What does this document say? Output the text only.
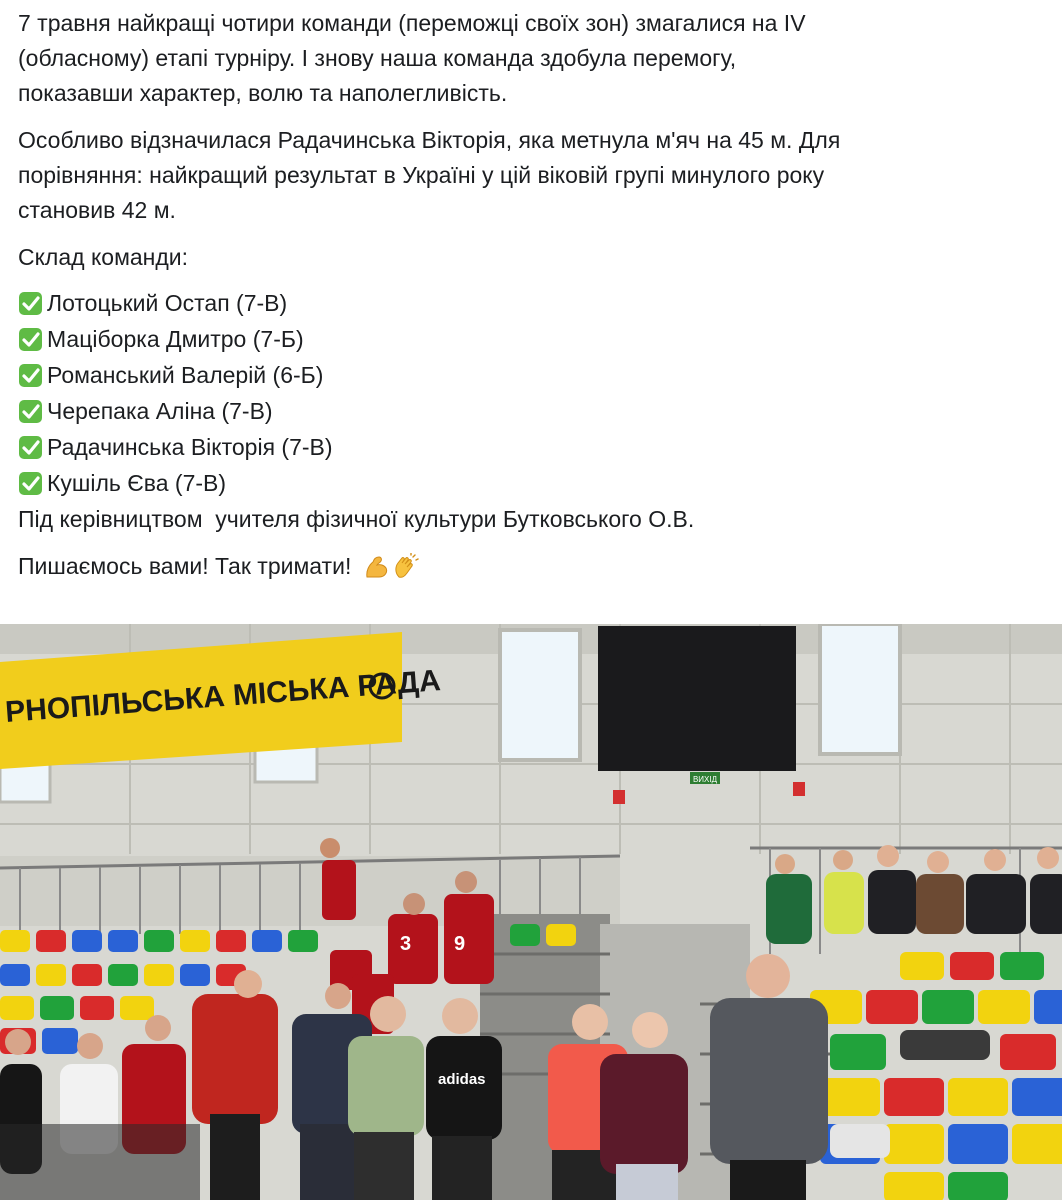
7 травня найкращі чотири команди (переможці своїх зон) змагалися на IV
(обласному) етапі турніру. І знову наша команда здобула перемогу,
показавши характер, волю та наполегливість.

Особливо відзначилася Радачинська Вікторія, яка метнула м'яч на 45 м. Для
порівняння: найкращий результат в Україні у цій віковій групі минулого року
становив 42 м.

Склад команди:

Лотоцький Остап (7-В)
Маціборка Дмитро (7-Б)
Романський Валерій (6-Б)
Черепака Аліна (7-В)
Радачинська Вікторія (7-В)
Кушіль Єва (7-В)
Під керівництвом  учителя фізичної культури Бутковського О.В.
Пишаємось вами! Так тримати!
РНОПІЛЬСЬКА МІСЬКА РАДА
ВИХІД
3 9
adidas
